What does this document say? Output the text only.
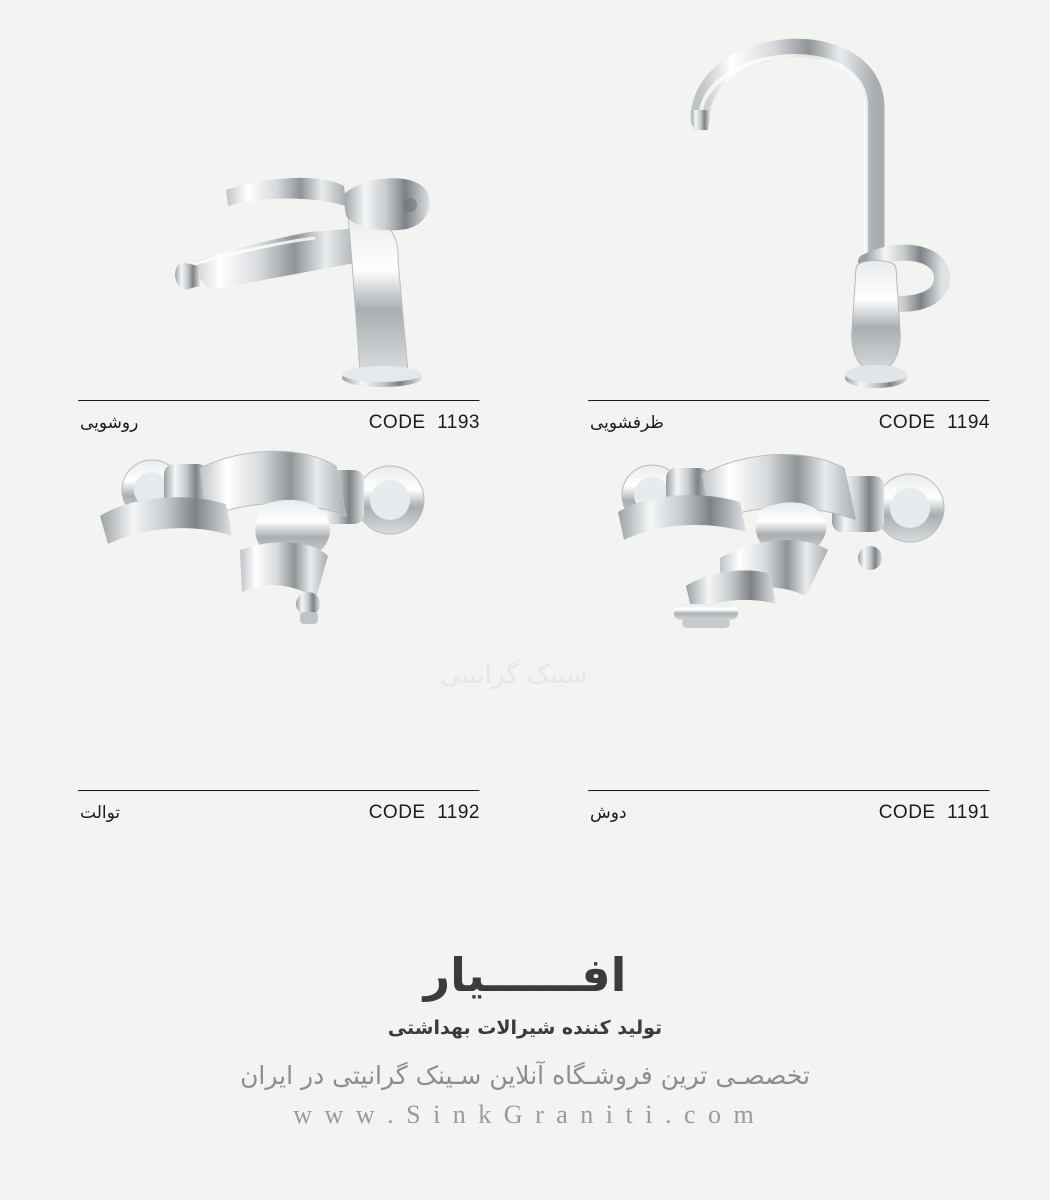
سینک گرانیتی
ظرفشویی	CODE  1194
روشویی	CODE  1193
دوش	CODE  1191
توالت	CODE  1192
افــــــیار
تولید کننده شیرالات بهداشتی
تخصصـی ترین فروشـگاه آنلاین سـینک گرانیتی در ایران
w w w . S i n k G r a n i t i . c o m
